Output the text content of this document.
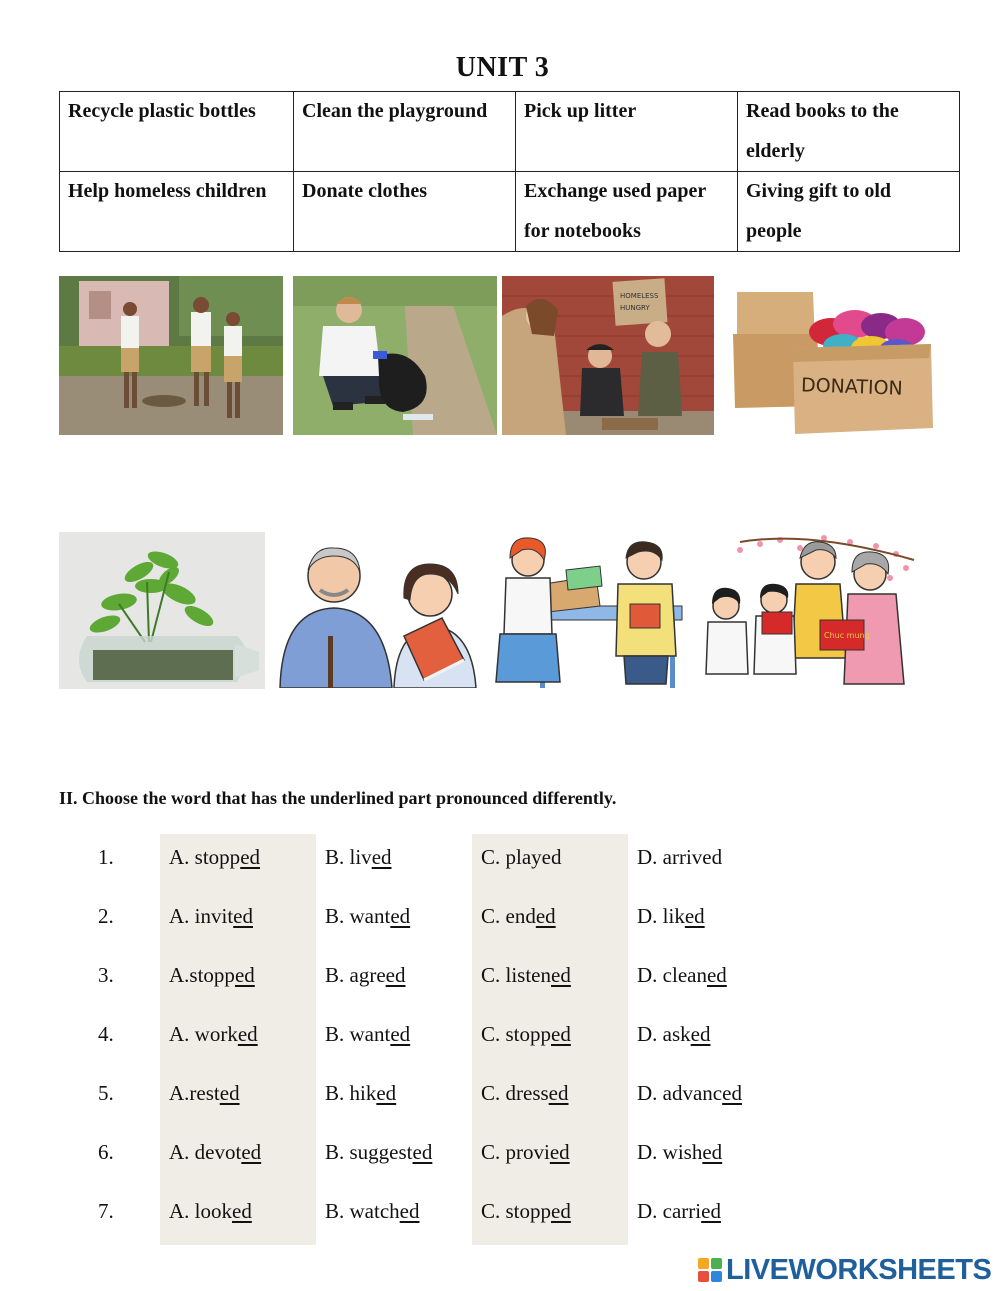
UNIT 3
Recycle plastic bottles	Clean the playground	Pick up litter	Read books to the elderly
Help homeless children	Donate clothes	Exchange used paper for notebooks	Giving gift to old people
HOMELESS
HUNGRY
DONATION
Chuc mung
II. Choose the word that has the underlined part pronounced differently.
1.	A. stopped	B. lived	C. played	D. arrived
2.	A. invited	B. wanted	C. ended	D. liked
3.	A.stopped	B. agreed	C. listened	D. cleaned
4.	A. worked	B. wanted	C. stopped	D. asked
5.	A.rested	B. hiked	C. dressed	D. advanced
6.	A. devoted	B. suggested C. provied	D. wished
7.	A. looked	B. watched	C. stopped	D. carried
LIVEWORKSHEETS
